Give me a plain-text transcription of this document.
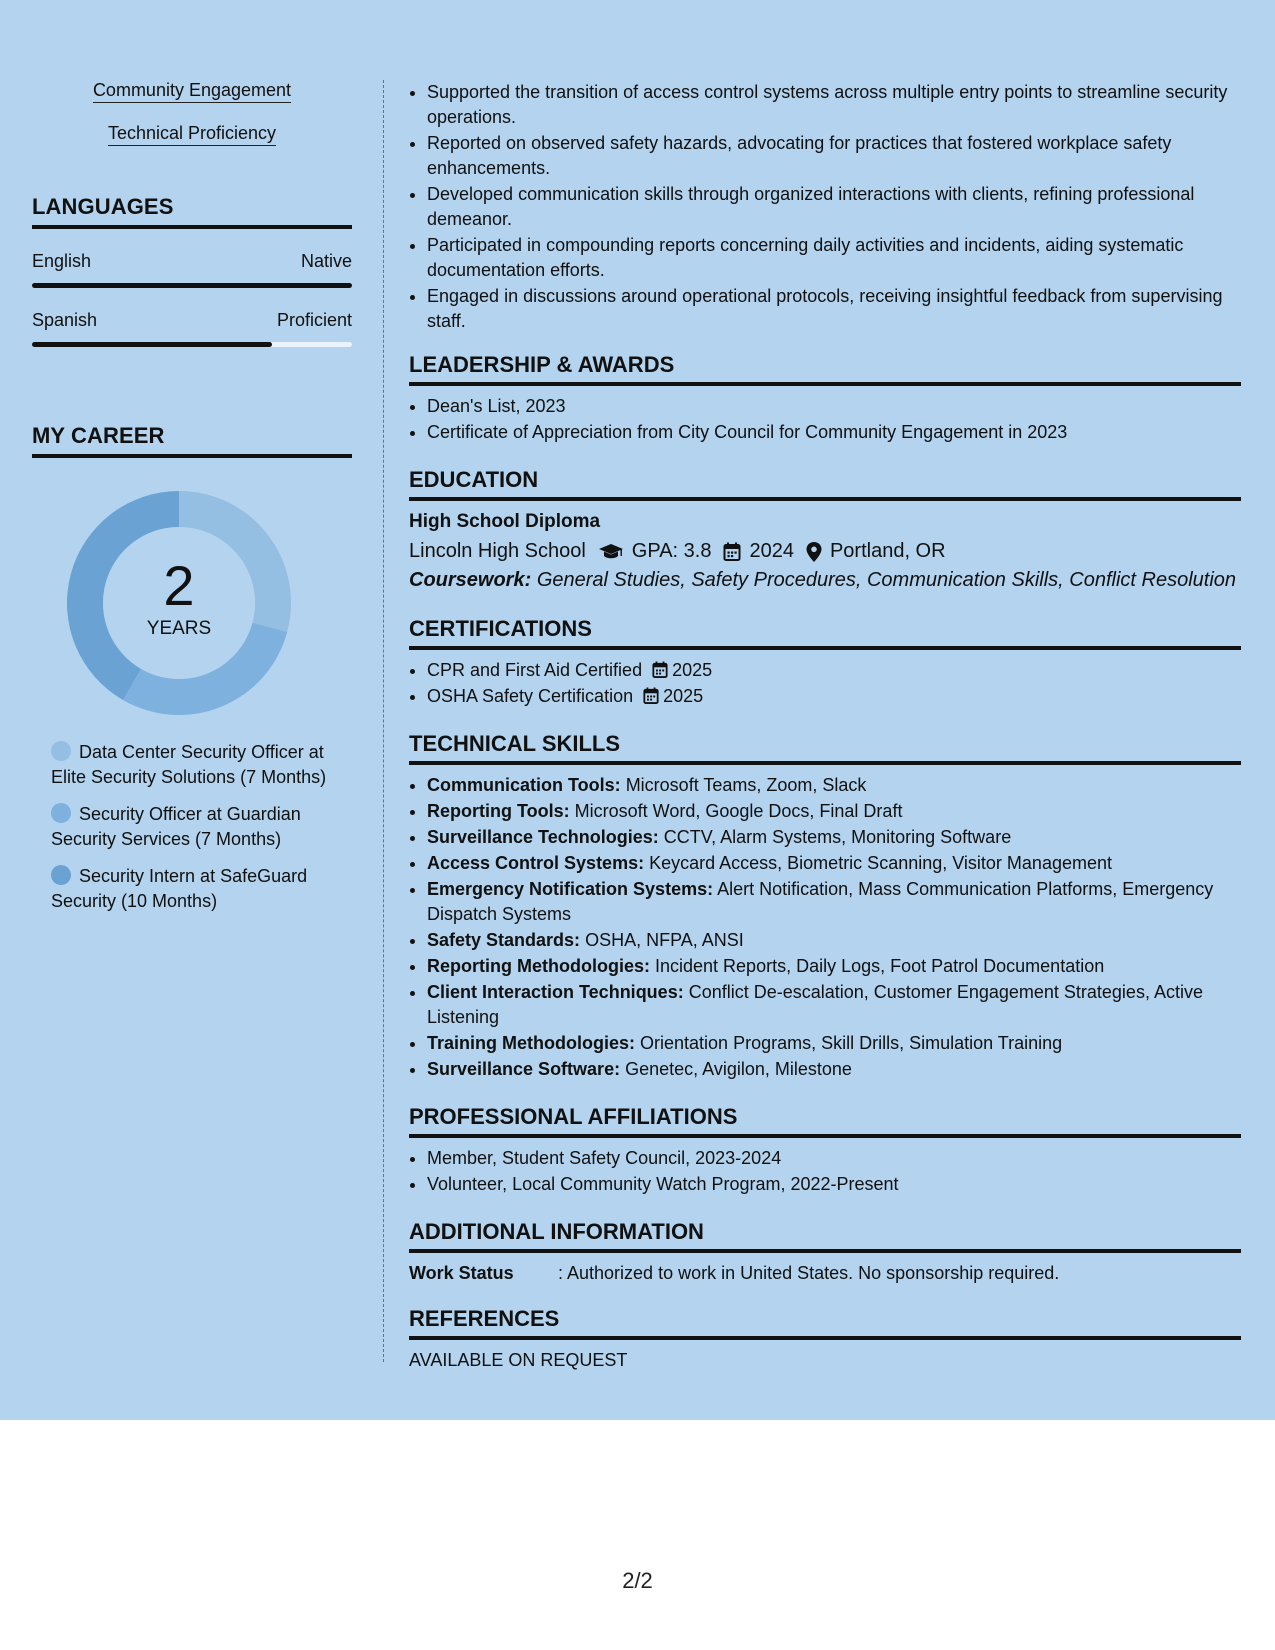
Community Engagement
Technical Proficiency
LANGUAGES
English	Native
Spanish	Proficient
MY CAREER
2
YEARS
Data Center Security Officer at Elite Security Solutions (7 Months)
Security Officer at Guardian Security Services (7 Months)
Security Intern at SafeGuard Security (10 Months)
• Supported the transition of access control systems across multiple entry points to streamline security operations.
• Reported on observed safety hazards, advocating for practices that fostered workplace safety enhancements.
• Developed communication skills through organized interactions with clients, refining professional demeanor.
• Participated in compounding reports concerning daily activities and incidents, aiding systematic documentation efforts.
• Engaged in discussions around operational protocols, receiving insightful feedback from supervising staff.
LEADERSHIP & AWARDS
• Dean's List, 2023
• Certificate of Appreciation from City Council for Community Engagement in 2023
EDUCATION
High School Diploma
Lincoln High School GPA: 3.8 2024 Portland, OR
Coursework: General Studies, Safety Procedures, Communication Skills, Conflict Resolution
CERTIFICATIONS
• CPR and First Aid Certified 2025
• OSHA Safety Certification 2025
TECHNICAL SKILLS
• Communication Tools: Microsoft Teams, Zoom, Slack
• Reporting Tools: Microsoft Word, Google Docs, Final Draft
• Surveillance Technologies: CCTV, Alarm Systems, Monitoring Software
• Access Control Systems: Keycard Access, Biometric Scanning, Visitor Management
• Emergency Notification Systems: Alert Notification, Mass Communication Platforms, Emergency Dispatch Systems
• Safety Standards: OSHA, NFPA, ANSI
• Reporting Methodologies: Incident Reports, Daily Logs, Foot Patrol Documentation
• Client Interaction Techniques: Conflict De-escalation, Customer Engagement Strategies, Active Listening
• Training Methodologies: Orientation Programs, Skill Drills, Simulation Training
• Surveillance Software: Genetec, Avigilon, Milestone
PROFESSIONAL AFFILIATIONS
• Member, Student Safety Council, 2023-2024
• Volunteer, Local Community Watch Program, 2022-Present
ADDITIONAL INFORMATION
Work Status	: Authorized to work in United States. No sponsorship required.
REFERENCES
AVAILABLE ON REQUEST
2/2
